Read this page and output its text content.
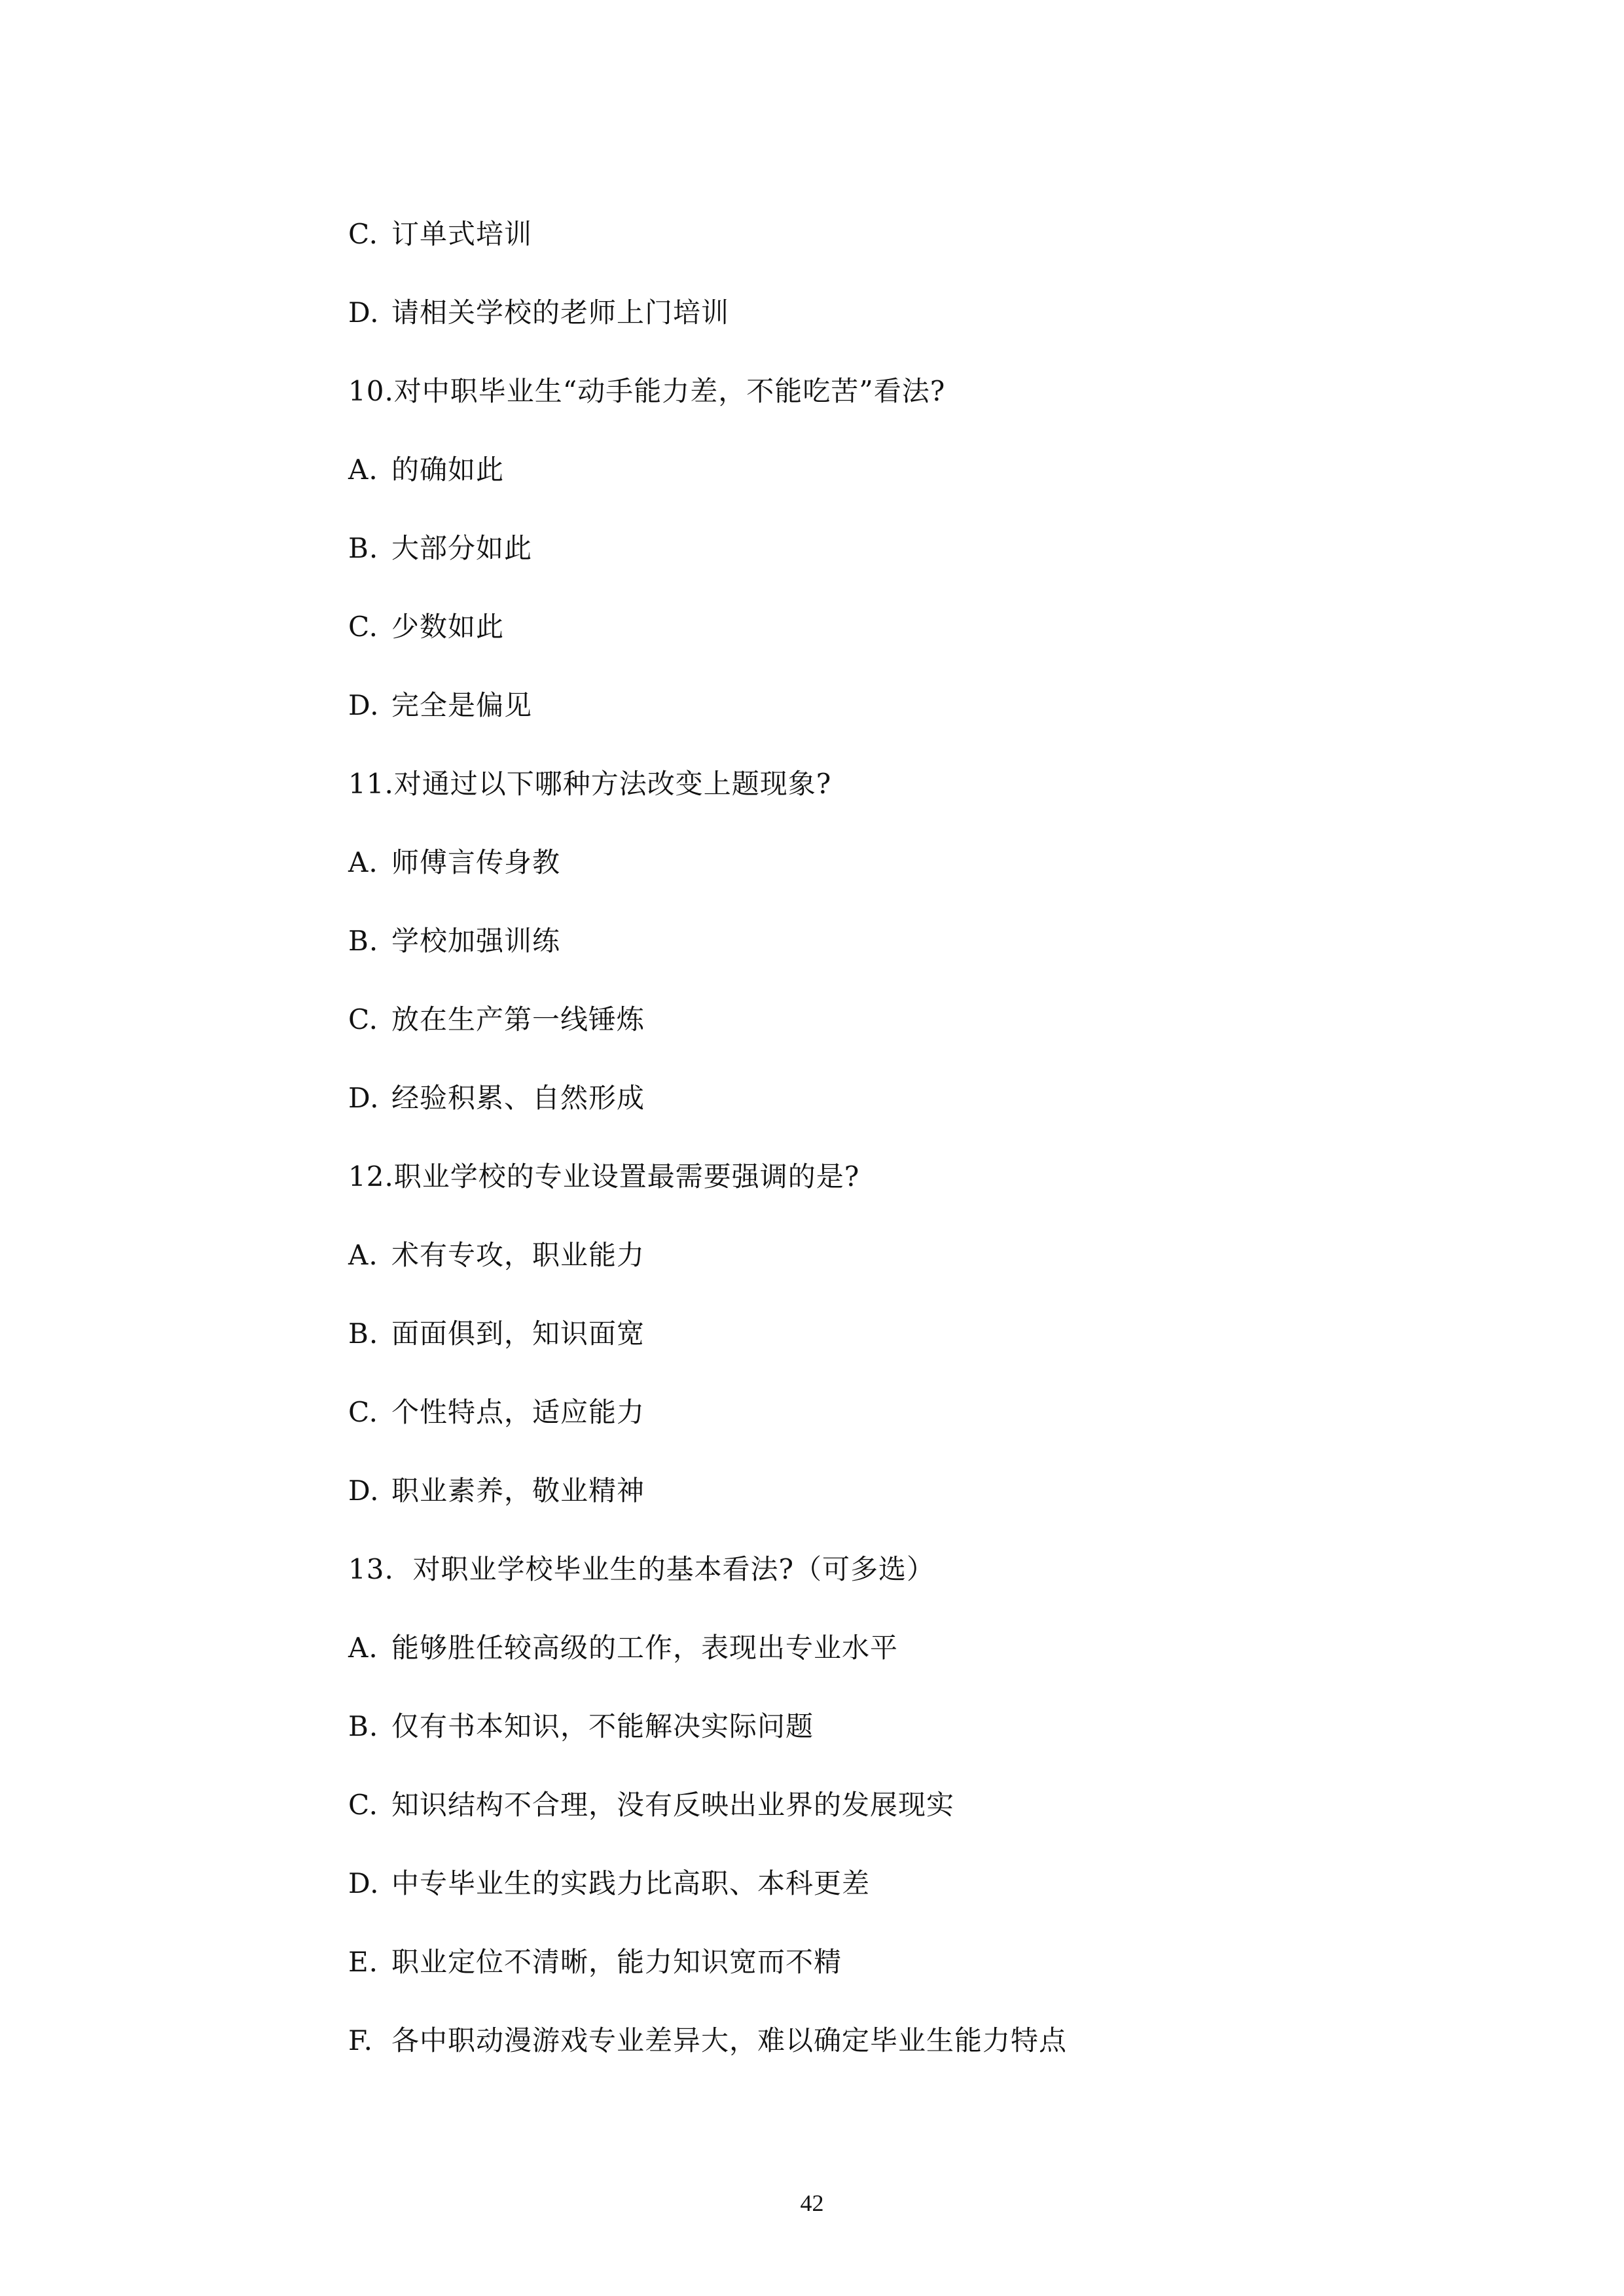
C. 订单式培训
D. 请相关学校的老师上门培训
10.对中职毕业生“动手能力差，不能吃苦”看法?
A. 的确如此
B. 大部分如此
C. 少数如此
D. 完全是偏见
11.对通过以下哪种方法改变上题现象?
A. 师傅言传身教
B. 学校加强训练
C. 放在生产第一线锤炼
D. 经验积累、自然形成
12.职业学校的专业设置最需要强调的是?
A. 术有专攻，职业能力
B. 面面俱到，知识面宽
C. 个性特点，适应能力
D. 职业素养，敬业精神
13.  对职业学校毕业生的基本看法?（可多选）
A. 能够胜任较高级的工作，表现出专业水平
B. 仅有书本知识，不能解决实际问题
C. 知识结构不合理，没有反映出业界的发展现实
D. 中专毕业生的实践力比高职、本科更差
E. 职业定位不清晰，能力知识宽而不精
F. 各中职动漫游戏专业差异大，难以确定毕业生能力特点
42
